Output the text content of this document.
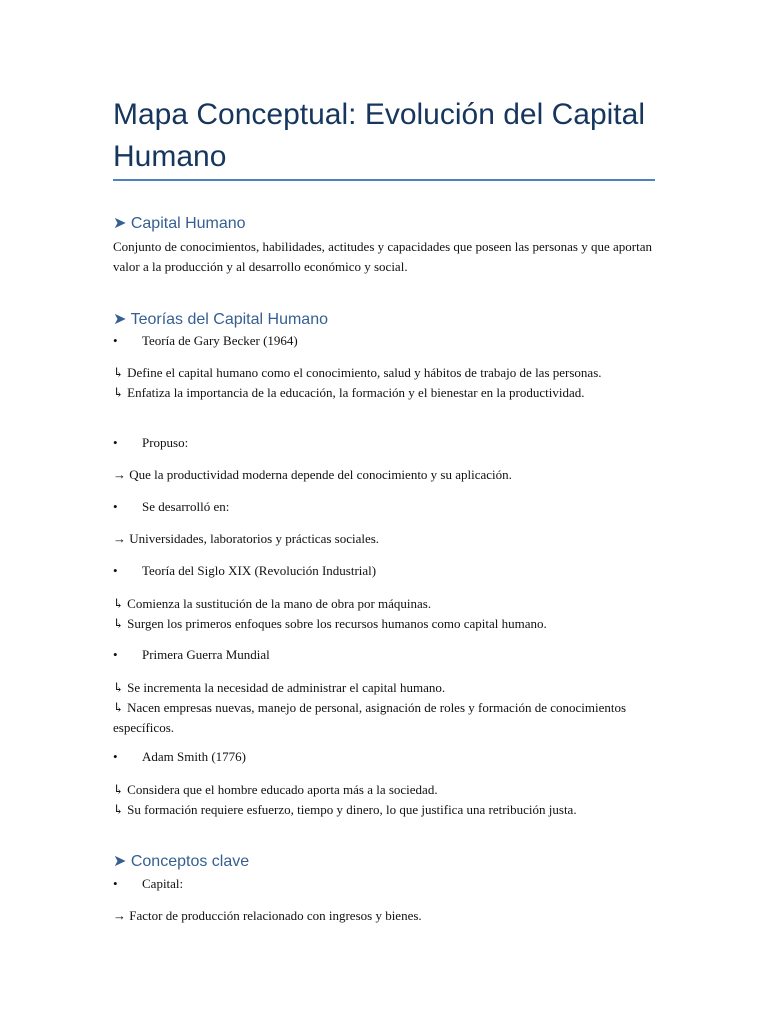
Mapa Conceptual: Evolución del Capital Humano
➤ Capital Humano

Conjunto de conocimientos, habilidades, actitudes y capacidades que poseen las personas y que aportan valor a la producción y al desarrollo económico y social.

➤ Teorías del Capital Humano
• Teoría de Gary Becker (1964)

↳ Define el capital humano como el conocimiento, salud y hábitos de trabajo de las personas.
↳ Enfatiza la importancia de la educación, la formación y el bienestar en la productividad.

• Propuso:

→ Que la productividad moderna depende del conocimiento y su aplicación.

• Se desarrolló en:

→ Universidades, laboratorios y prácticas sociales.

• Teoría del Siglo XIX (Revolución Industrial)

↳ Comienza la sustitución de la mano de obra por máquinas.
↳ Surgen los primeros enfoques sobre los recursos humanos como capital humano.

• Primera Guerra Mundial

↳ Se incrementa la necesidad de administrar el capital humano.
↳ Nacen empresas nuevas, manejo de personal, asignación de roles y formación de conocimientos específicos.

• Adam Smith (1776)

↳ Considera que el hombre educado aporta más a la sociedad.
↳ Su formación requiere esfuerzo, tiempo y dinero, lo que justifica una retribución justa.

➤ Conceptos clave
• Capital:

→ Factor de producción relacionado con ingresos y bienes.
